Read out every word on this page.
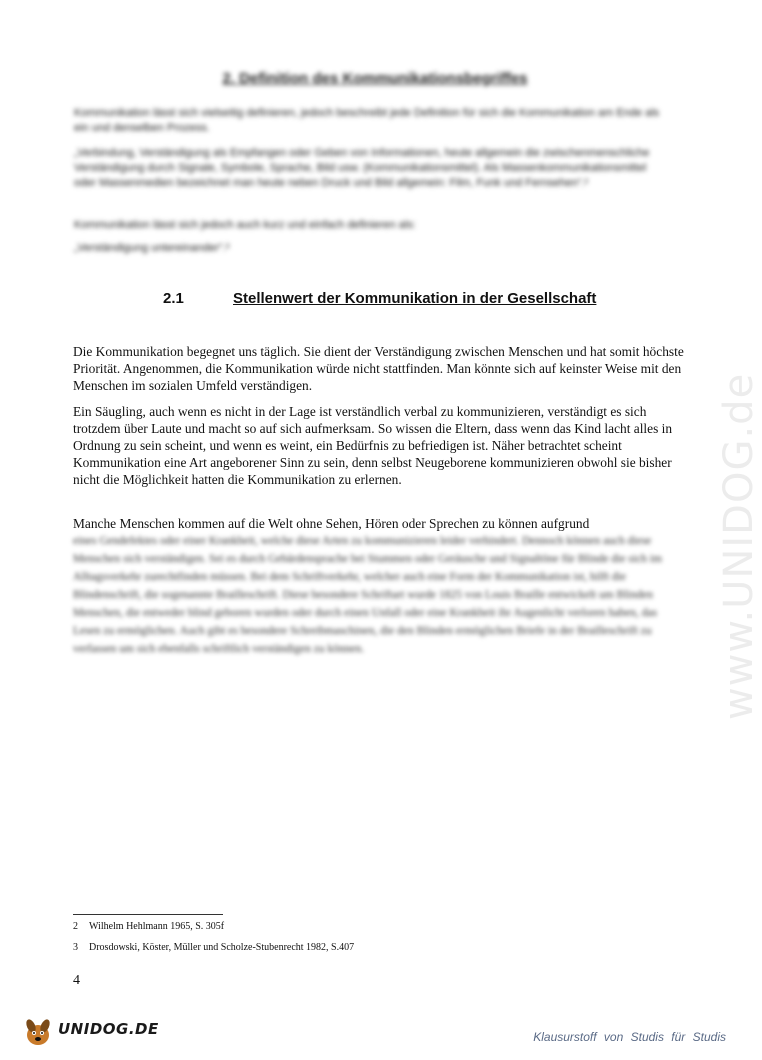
2. Definition des Kommunikationsbegriffes
Kommunikation lässt sich vielseitig definieren, jedoch beschreibt jede Definition für sich die Kommunikation am Ende als ein und denselben Prozess.
„Verbindung, Verständigung als Empfangen oder Geben von Informationen, heute allgemein die zwischenmenschliche Verständigung durch Signale, Symbole, Sprache, Bild usw. (Kommunikationsmittel). Als Massenkommunikationsmittel oder Massenmedien bezeichnet man heute neben Druck und Bild allgemein: Film, Funk und Fernsehen“.²
Kommunikation lässt sich jedoch auch kurz und einfach definieren als:
„Verständigung untereinander“.³
2.1	Stellenwert der Kommunikation in der Gesellschaft
Die Kommunikation begegnet uns täglich. Sie dient der Verständigung zwischen Menschen und hat somit höchste Priorität. Angenommen, die Kommunikation würde nicht stattfinden. Man könnte sich auf keinster Weise mit den Menschen im sozialen Umfeld verständigen.
Ein Säugling, auch wenn es nicht in der Lage ist verständlich verbal zu kommunizieren, verständigt es sich trotzdem über Laute und macht so auf sich aufmerksam. So wissen die Eltern, dass wenn das Kind lacht alles in Ordnung zu sein scheint, und wenn es weint, ein Bedürfnis zu befriedigen ist. Näher betrachtet scheint Kommunikation eine Art angeborener Sinn zu sein, denn selbst Neugeborene kommunizieren obwohl sie bisher nicht die Möglichkeit hatten die Kommunikation zu erlernen.
Manche Menschen kommen auf die Welt ohne Sehen, Hören oder Sprechen zu können aufgrund
eines Gendefektes oder einer Krankheit, welche diese Arten zu kommunizieren leider verhindert. Dennoch können auch diese Menschen sich verständigen. Sei es durch Gebärdensprache bei Stummen oder Geräusche und Signaltöne für Blinde die sich im Alltagsverkehr zurechtfinden müssen. Bei dem Schriftverkehr, welcher auch eine Form der Kommunikation ist, hilft die Blindenschrift, die sogenannte Brailleschrift. Diese besondere Schriftart wurde 1825 von Louis Braille entwickelt um Blinden Menschen, die entweder blind geboren wurden oder durch einen Unfall oder eine Krankheit ihr Augenlicht verloren haben, das Lesen zu ermöglichen. Auch gibt es besondere Schreibmaschinen, die den Blinden ermöglichen Briefe in der Brailleschrift zu verfassen um sich ebenfalls schriftlich verständigen zu können.	www.UNIDOG.de
2 Wilhelm Hehlmann 1965, S. 305f
3 Drosdowski, Köster, Müller und Scholze-Stubenrecht 1982, S.407
4
UNIDOG.DE	Klausurstoff von Studis für Studis
